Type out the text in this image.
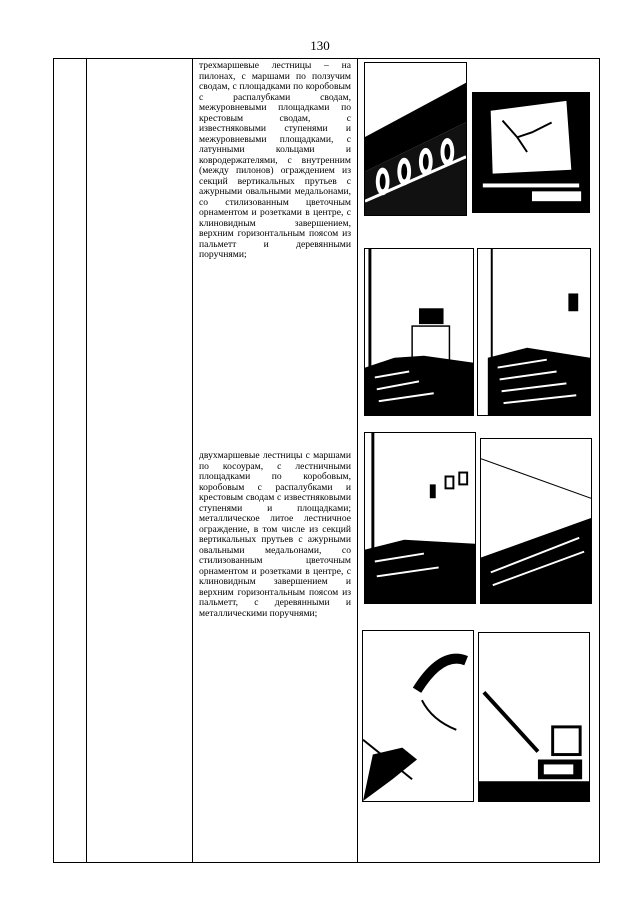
130
трехмаршевые лестницы – на пилонах, с маршами по ползучим сводам, с площадками по коробовым с распалубками сводам, межуровневыми площадками по крестовым сводам, с известняковыми ступенями и межуровневыми площадками, с латунными кольцами и ковродержателями, с внутренним (между пилонов) ограждением из секций вертикальных прутьев с ажурными овальными медальонами, со стилизованным цветочным орнаментом и розетками в центре, с клиновидным завершением, верхним горизонтальным поясом из пальметт и деревянными поручнями;
двухмаршевые лестницы с маршами по косоурам, с лестничными площадками по коробовым, коробовым с распалубками и крестовым сводам с известняковыми ступенями и площадками; металлическое литое лестничное ограждение, в том числе из секций вертикальных прутьев с ажурными овальными медальонами, со стилизованным цветочным орнаментом и розетками в центре, с клиновидным завершением и верхним горизонтальным поясом из пальметт, с деревянными и металлическими поручнями;
